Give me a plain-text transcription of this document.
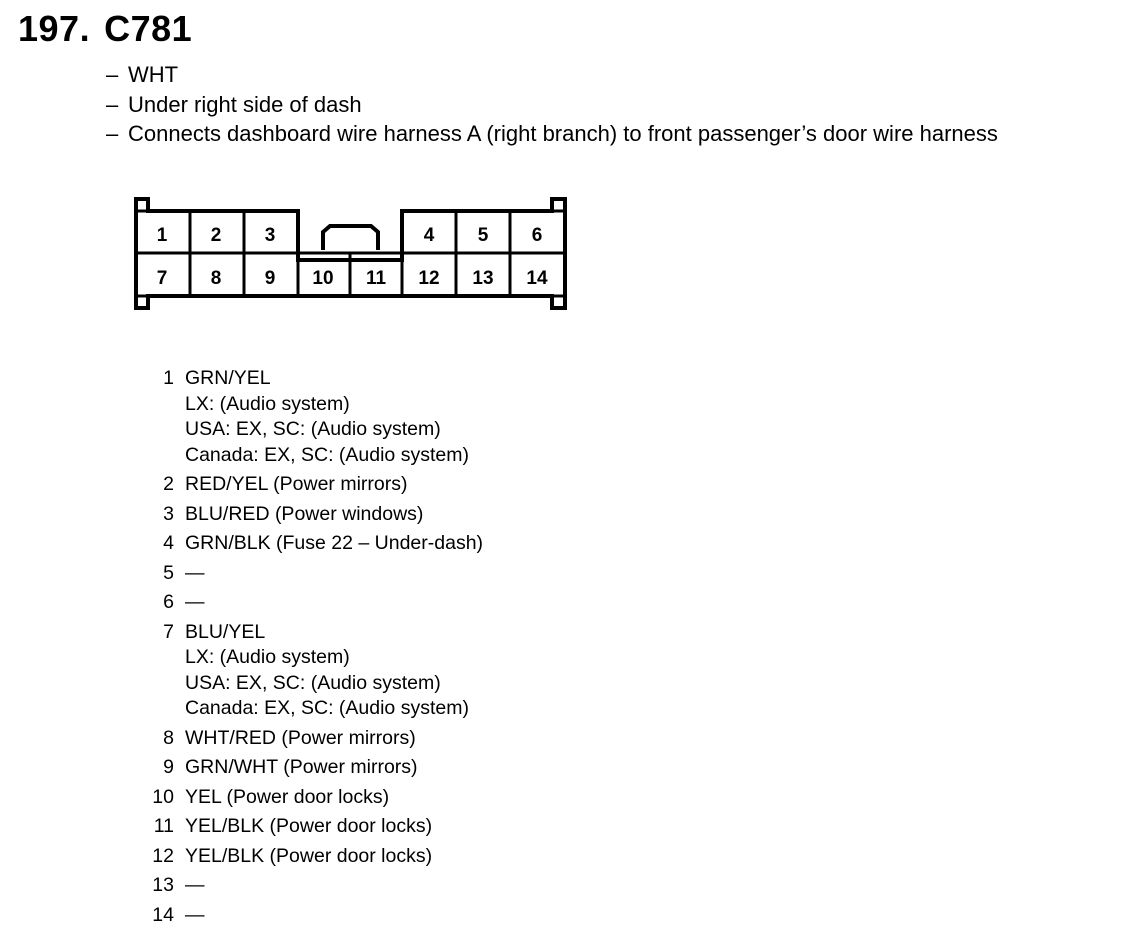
197. C781
– WHT
– Under right side of dash
– Connects dashboard wire harness A (right branch) to front passenger’s door wire harness
1 2 3	4 5 6
7 8 9 10 11 12 13 14
1 GRN/YEL
LX: (Audio system)
USA: EX, SC: (Audio system)
Canada: EX, SC: (Audio system)
2 RED/YEL (Power mirrors)
3 BLU/RED (Power windows)
4 GRN/BLK (Fuse 22 – Under-dash)
5 —
6 —
7 BLU/YEL
LX: (Audio system)
USA: EX, SC: (Audio system)
Canada: EX, SC: (Audio system)
8 WHT/RED (Power mirrors)
9 GRN/WHT (Power mirrors)
10 YEL (Power door locks)
11 YEL/BLK (Power door locks)
12 YEL/BLK (Power door locks)
13 —
14 —
